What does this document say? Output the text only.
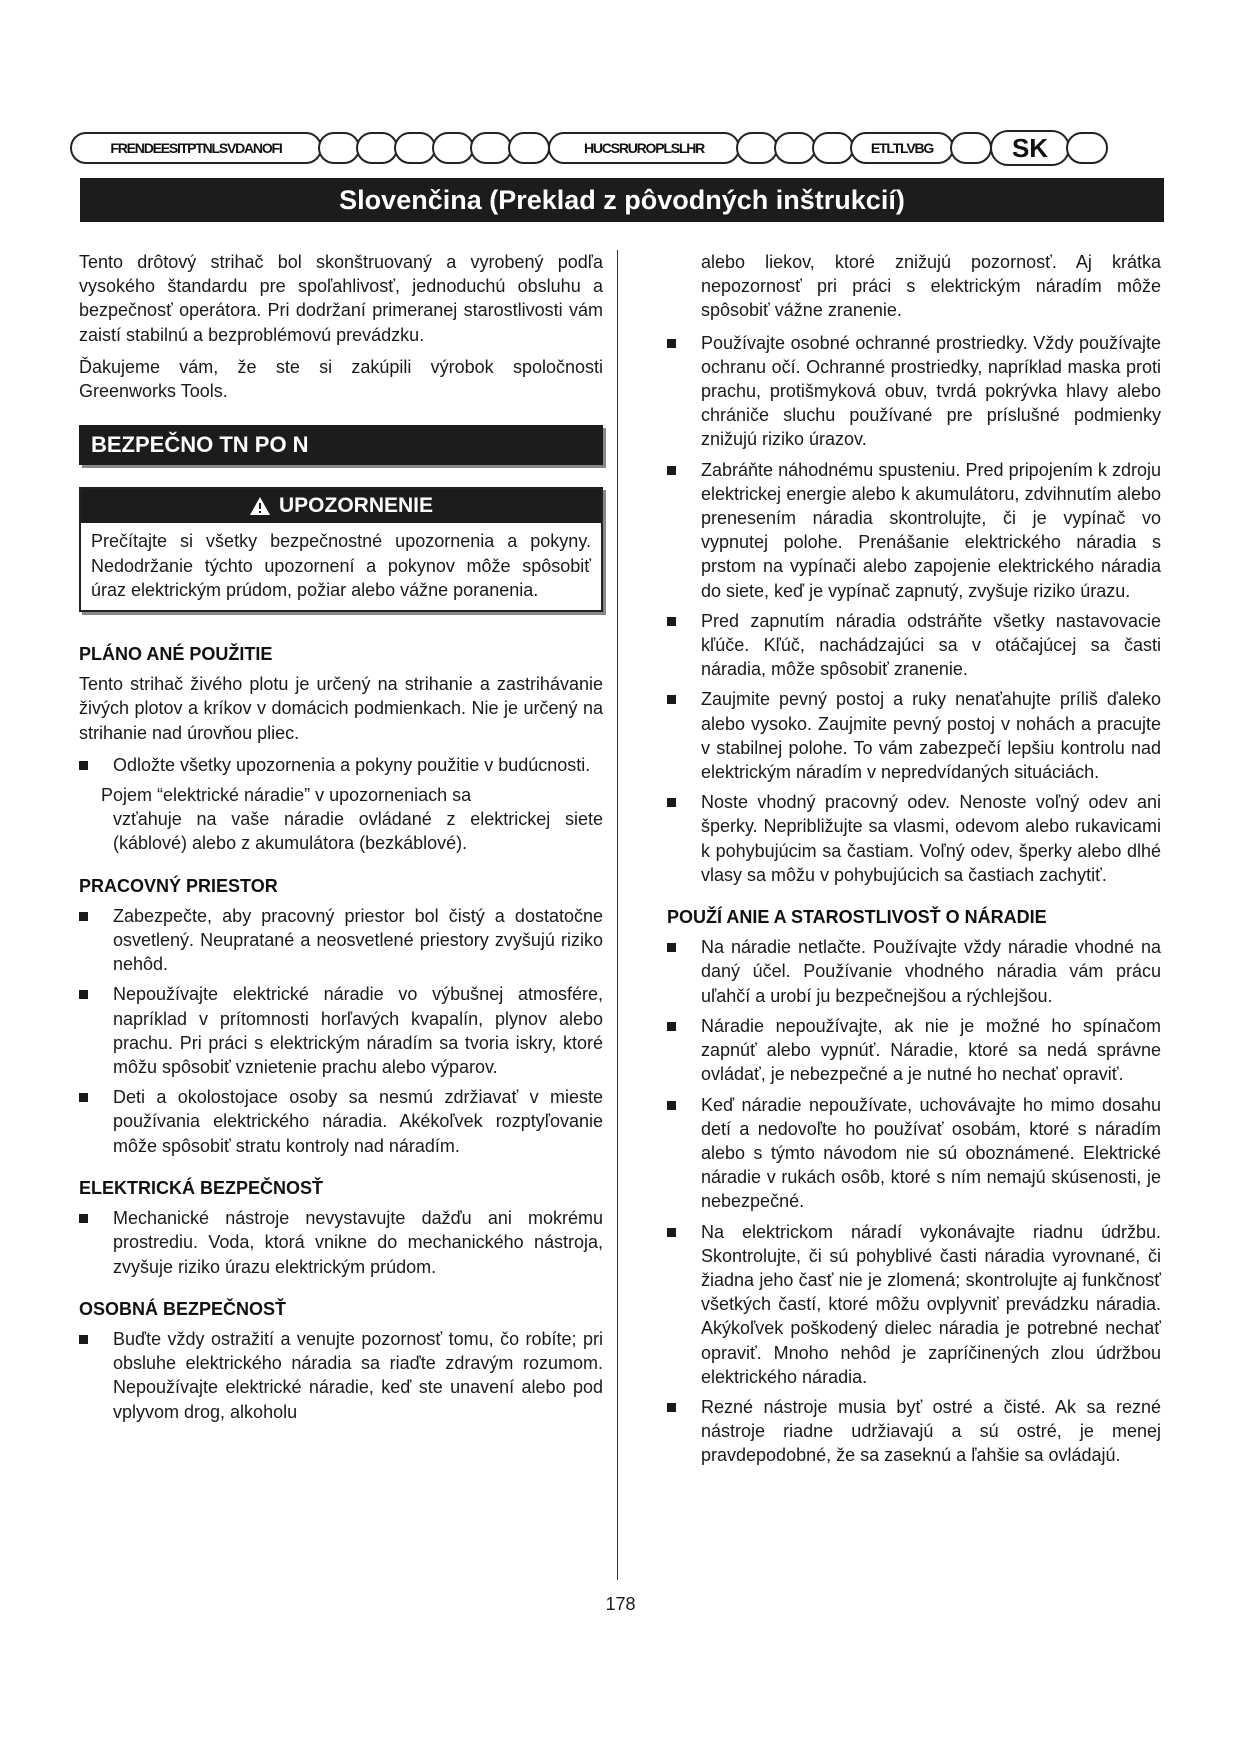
FRENDEESITPTNLSVDANOFI	HUCSRUROPLSLHR	ETLTLVBG	SK
Slovenčina (Preklad z pôvodných inštrukcií)

Tento drôtový strihač bol skonštruovaný a vyrobený podľa vysokého štandardu pre spoľahlivosť, jednoduchú obsluhu a bezpečnosť operátora. Pri dodržaní primeranej starostlivosti vám zaistí stabilnú a bezproblémovú prevádzku.

Ďakujeme vám, že ste si zakúpili výrobok spoločnosti Greenworks Tools.

BEZPEČNO TN PO N
UPOZORNENIE
Prečítajte si všetky bezpečnostné upozornenia a pokyny. Nedodržanie týchto upozornení a pokynov môže spôsobiť úraz elektrickým prúdom, požiar alebo vážne poranenia.
PLÁNO ANÉ POUŽITIE

Tento strihač živého plotu je určený na strihanie a zastrihávanie živých plotov a kríkov v domácich podmienkach. Nie je určený na strihanie nad úrovňou pliec.

Odložte všetky upozornenia a pokyny použitie v budúcnosti.
Pojem “elektrické náradie” v upozorneniach sa
vzťahuje na vaše náradie ovládané z elektrickej siete (káblové) alebo z akumulátora (bezkáblové).
PRACOVNÝ PRIESTOR
Zabezpečte, aby pracovný priestor bol čistý a dostatočne osvetlený. Neupratané a neosvetlené priestory zvyšujú riziko nehôd.
Nepoužívajte elektrické náradie vo výbušnej atmosfére, napríklad v prítomnosti horľavých kvapalín, plynov alebo prachu. Pri práci s elektrickým náradím sa tvoria iskry, ktoré môžu spôsobiť vznietenie prachu alebo výparov.
Deti a okolostojace osoby sa nesmú zdržiavať v mieste používania elektrického náradia. Akékoľvek rozptyľovanie môže spôsobiť stratu kontroly nad náradím.
ELEKTRICKÁ BEZPEČNOSŤ
Mechanické nástroje nevystavujte dažďu ani mokrému prostrediu. Voda, ktorá vnikne do mechanického nástroja, zvyšuje riziko úrazu elektrickým prúdom.
OSOBNÁ BEZPEČNOSŤ
Buďte vždy ostražití a venujte pozornosť tomu, čo robíte; pri obsluhe elektrického náradia sa riaďte zdravým rozumom. Nepoužívajte elektrické náradie, keď ste unavení alebo pod vplyvom drog, alkoholu

alebo liekov, ktoré znižujú pozornosť. Aj krátka nepozornosť pri práci s elektrickým náradím môže spôsobiť vážne zranenie.

Používajte osobné ochranné prostriedky. Vždy používajte ochranu očí. Ochranné prostriedky, napríklad maska proti prachu, protišmyková obuv, tvrdá pokrývka hlavy alebo chrániče sluchu používané pre príslušné podmienky znižujú riziko úrazov.
Zabráňte náhodnému spusteniu. Pred pripojením k zdroju elektrickej energie alebo k akumulátoru, zdvihnutím alebo prenesením náradia skontrolujte, či je vypínač vo vypnutej polohe. Prenášanie elektrického náradia s prstom na vypínači alebo zapojenie elektrického náradia do siete, keď je vypínač zapnutý, zvyšuje riziko úrazu.
Pred zapnutím náradia odstráňte všetky nastavovacie kľúče. Kľúč, nachádzajúci sa v otáčajúcej sa časti náradia, môže spôsobiť zranenie.
Zaujmite pevný postoj a ruky nenaťahujte príliš ďaleko alebo vysoko. Zaujmite pevný postoj v nohách a pracujte v stabilnej polohe. To vám zabezpečí lepšiu kontrolu nad elektrickým náradím v nepredvídaných situáciách.
Noste vhodný pracovný odev. Nenoste voľný odev ani šperky. Nepribližujte sa vlasmi, odevom alebo rukavicami k pohybujúcim sa častiam. Voľný odev, šperky alebo dlhé vlasy sa môžu v pohybujúcich sa častiach zachytiť.
POUŽÍ ANIE A STAROSTLIVOSŤ O NÁRADIE
Na náradie netlačte. Používajte vždy náradie vhodné na daný účel. Používanie vhodného náradia vám prácu uľahčí a urobí ju bezpečnejšou a rýchlejšou.
Náradie nepoužívajte, ak nie je možné ho spínačom zapnúť alebo vypnúť. Náradie, ktoré sa nedá správne ovládať, je nebezpečné a je nutné ho nechať opraviť.
Keď náradie nepoužívate, uchovávajte ho mimo dosahu detí a nedovoľte ho používať osobám, ktoré s náradím alebo s týmto návodom nie sú oboznámené. Elektrické náradie v rukách osôb, ktoré s ním nemajú skúsenosti, je nebezpečné.
Na elektrickom náradí vykonávajte riadnu údržbu. Skontrolujte, či sú pohyblivé časti náradia vyrovnané, či žiadna jeho časť nie je zlomená; skontrolujte aj funkčnosť všetkých častí, ktoré môžu ovplyvniť prevádzku náradia. Akýkoľvek poškodený dielec náradia je potrebné nechať opraviť. Mnoho nehôd je zapríčinených zlou údržbou elektrického náradia.
Rezné nástroje musia byť ostré a čisté. Ak sa rezné nástroje riadne udržiavajú a sú ostré, je menej pravdepodobné, že sa zaseknú a ľahšie sa ovládajú.
178
